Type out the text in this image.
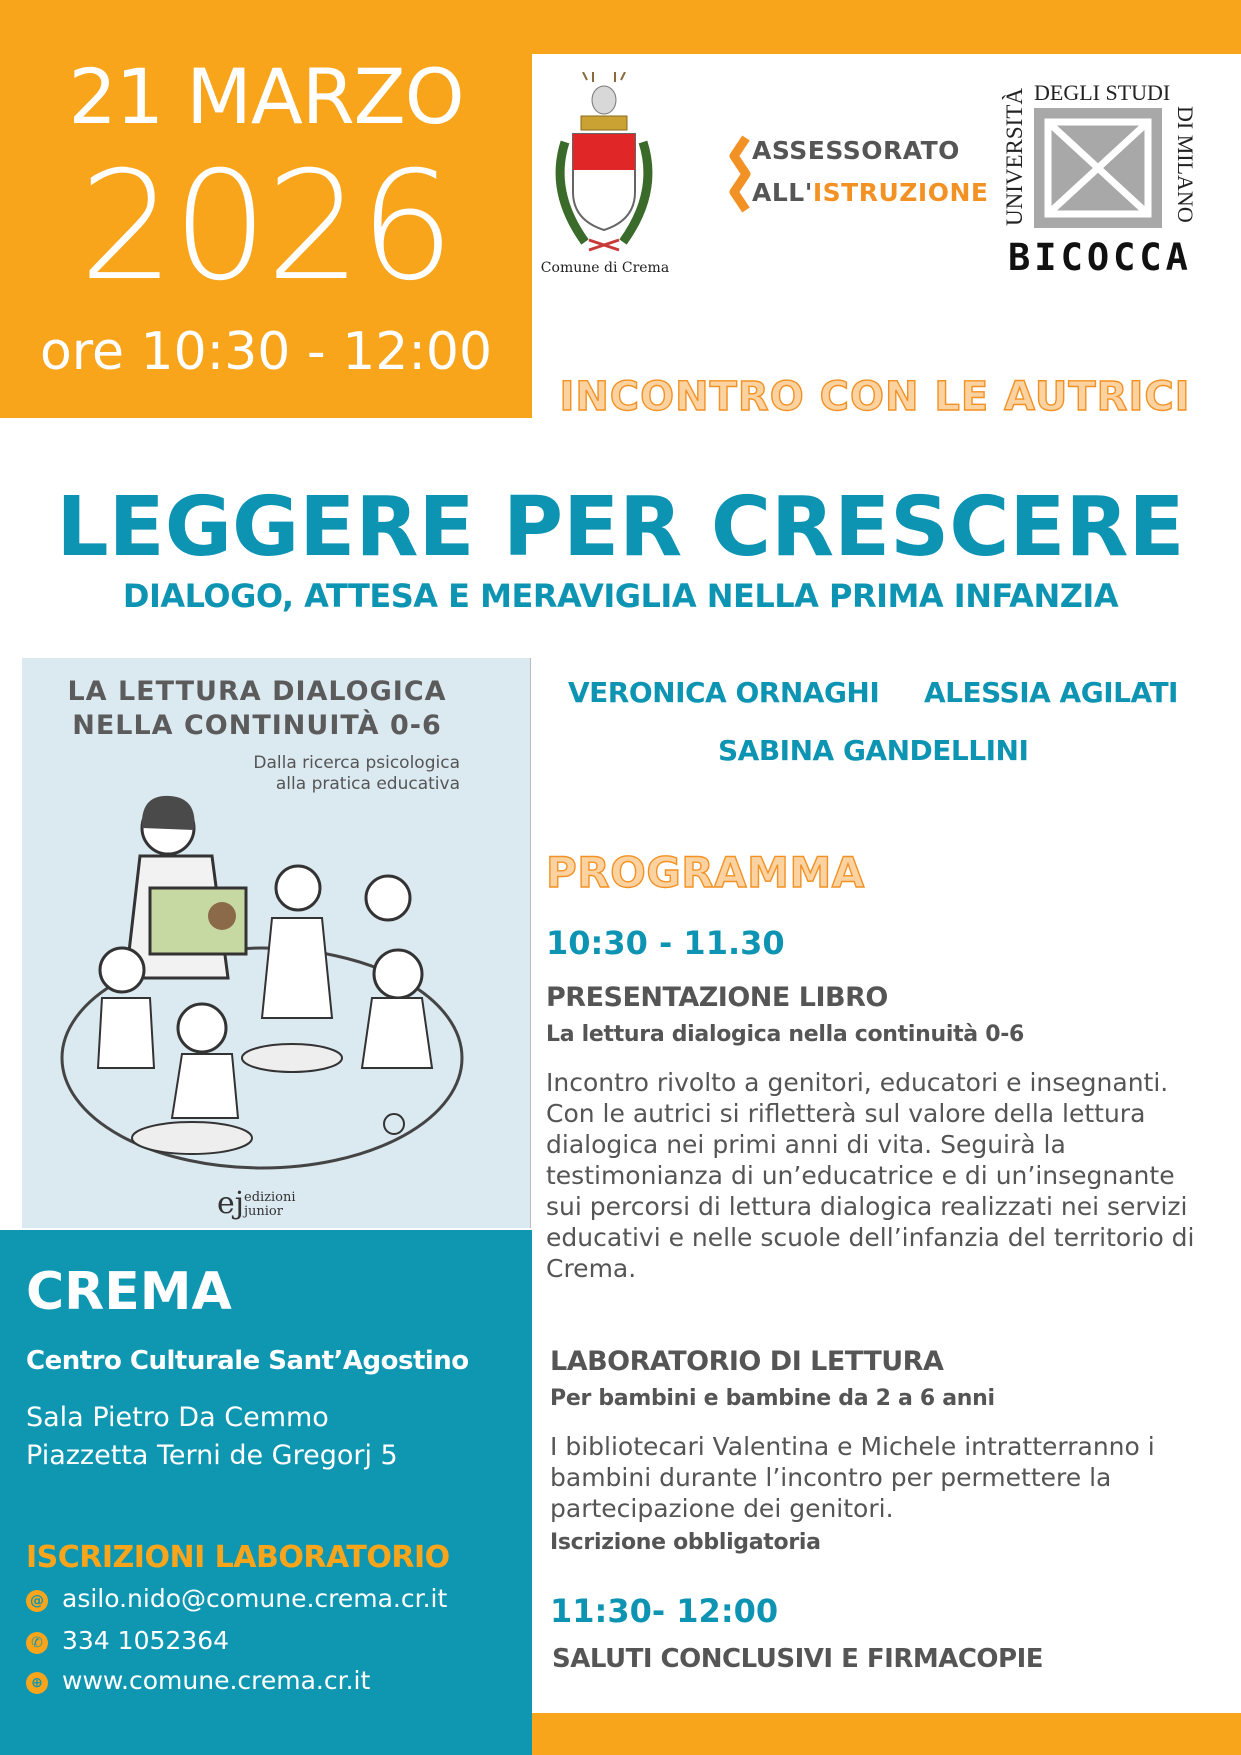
21 MARZO
2026
ore 10:30 - 12:00
Comune di Crema
ASSESSORATO
ALL'ISTRUZIONE UNIVERSITÀ DEGLI STUDI
DI MILANO
BICOCCA
INCONTRO CON LE AUTRICI
LEGGERE PER CRESCERE
DIALOGO, ATTESA E MERAVIGLIA NELLA PRIMA INFANZIA
LA LETTURA DIALOGICA
NELLA CONTINUITÀ 0-6
Dalla ricerca psicologica
alla pratica educativa
ej edizioni
junior
VERONICA ORNAGHI ALESSIA AGILATI
SABINA GANDELLINI
PROGRAMMA
10:30 - 11.30
PRESENTAZIONE LIBRO
La lettura dialogica nella continuità 0-6
Incontro rivolto a genitori, educatori e insegnanti. Con le autrici si rifletterà sul valore della lettura dialogica nei primi anni di vita. Seguirà la testimonianza di un’educatrice e di un’insegnante sui percorsi di lettura dialogica realizzati nei servizi educativi e nelle scuole dell’infanzia del territorio di Crema.
LABORATORIO DI LETTURA
Per bambini e bambine da 2 a 6 anni
I bibliotecari Valentina e Michele intratterranno i bambini durante l’incontro per permettere la partecipazione dei genitori.
Iscrizione obbligatoria
11:30- 12:00
SALUTI CONCLUSIVI E FIRMACOPIE
CREMA
Centro Culturale Sant’Agostino
Sala Pietro Da Cemmo
Piazzetta Terni de Gregorj 5
ISCRIZIONI LABORATORIO
@ asilo.nido@comune.crema.cr.it
✆ 334 1052364
⊕ www.comune.crema.cr.it
